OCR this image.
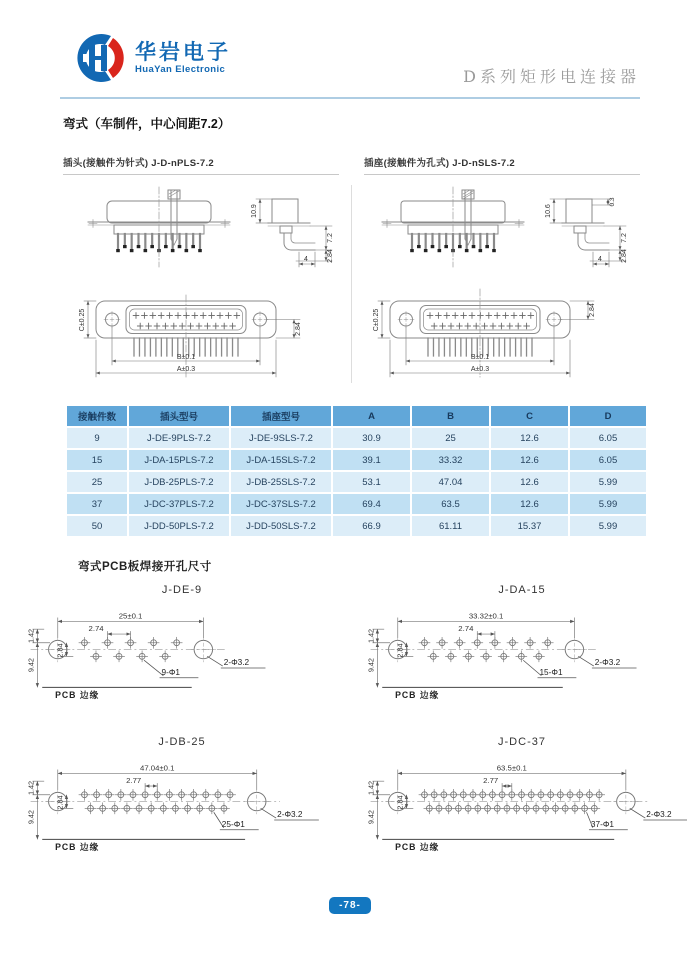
华岩电子
HuaYan Electronic	D系列矩形电连接器
弯式（车制件，中心间距7.2）
插头(接触件为针式) J-D-nPLS-7.2	插座(接触件为孔式) J-D-nSLS-7.2
10.9
7.2
2.84
4
C±0.25	2.84
B±0.1
A±0.3
10.6
0.3
7.2
2.84
4
C±0.25	2.84
B±0.1
A±0.3
接触件数	插头型号	插座型号	A	B	C	D
9	J-DE-9PLS-7.2	J-DE-9SLS-7.2	30.9	25	12.6	6.05
15	J-DA-15PLS-7.2	J-DA-15SLS-7.2	39.1	33.32	12.6	6.05
25	J-DB-25PLS-7.2	J-DB-25SLS-7.2	53.1	47.04	12.6	5.99
37	J-DC-37PLS-7.2	J-DC-37SLS-7.2	69.4	63.5	12.6	5.99
50	J-DD-50PLS-7.2	J-DD-50SLS-7.2	66.9	61.11	15.37	5.99
弯式PCB板焊接开孔尺寸
J-DE-9
25±0.1
2.74
1.42
9.42
2.84
PCB 边缘
2-Φ3.2
9-Φ1
J-DA-15
33.32±0.1
2.74
1.42
9.42
2.84
PCB 边缘
2-Φ3.2
15-Φ1
J-DB-25
47.04±0.1
2.77
1.42
9.42
2.84
PCB 边缘
2-Φ3.2
25-Φ1
J-DC-37
63.5±0.1
2.77
1.42
9.42
2.84
PCB 边缘
2-Φ3.2
37-Φ1
-78-
